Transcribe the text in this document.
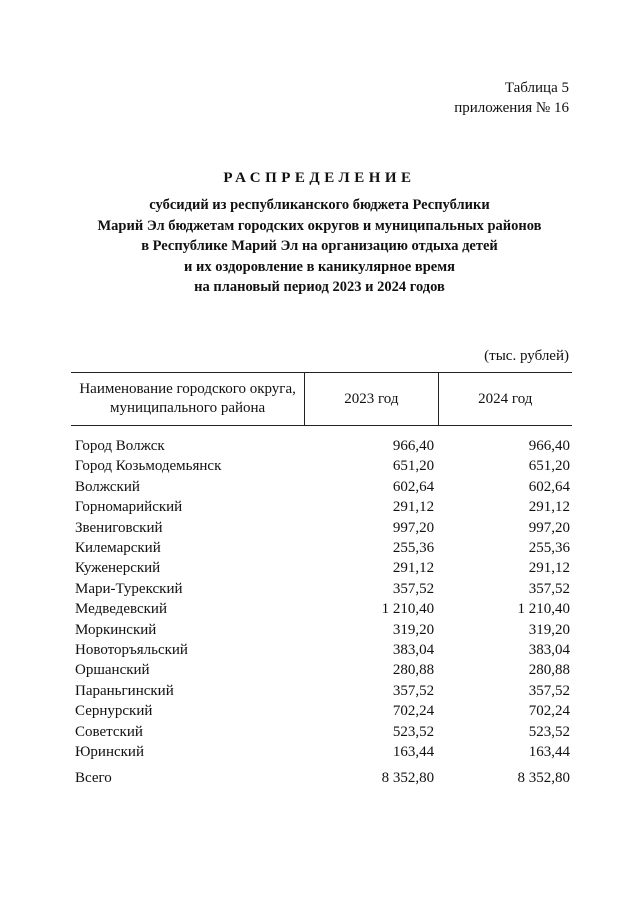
Таблица 5
приложения № 16
РАСПРЕДЕЛЕНИЕ
субсидий из республиканского бюджета Республики
Марий Эл бюджетам городских округов и муниципальных районов
в Республике Марий Эл на организацию отдыха детей
и их оздоровление в каникулярное время
на плановый период 2023 и 2024 годов
(тыс. рублей)
Наименование городского округа,
муниципального района	2023 год	2024 год
Город Волжск	966,40	966,40
Город Козьмодемьянск	651,20	651,20
Волжский	602,64	602,64
Горномарийский	291,12	291,12
Звениговский	997,20	997,20
Килемарский	255,36	255,36
Куженерский	291,12	291,12
Мари-Турекский	357,52	357,52
Медведевский	1 210,40	1 210,40
Моркинский	319,20	319,20
Новоторъяльский	383,04	383,04
Оршанский	280,88	280,88
Параньгинский	357,52	357,52
Сернурский	702,24	702,24
Советский	523,52	523,52
Юринский	163,44	163,44
Всего	8 352,80	8 352,80
